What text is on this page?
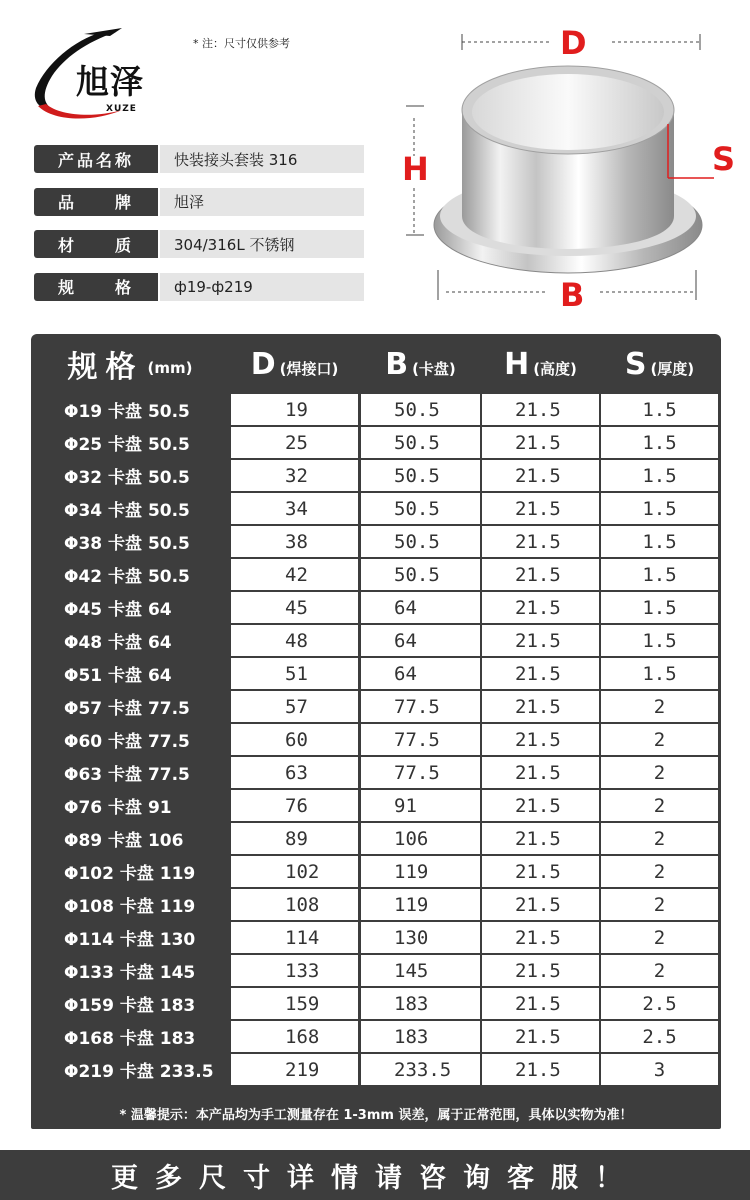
旭泽
XUZE
* 注：尺寸仅供参考
产品名称	快装接头套装 316
品　　牌	旭泽
材　　质	304/316L 不锈钢
规　　格	ф19-ф219
D
H	S
B
规格 (mm) D (焊接口) B (卡盘) H (高度) S (厚度)
Φ19 卡盘 50.5	19	50.5	21.5	1.5
Φ25 卡盘 50.5	25	50.5	21.5	1.5
Φ32 卡盘 50.5	32	50.5	21.5	1.5
Φ34 卡盘 50.5	34	50.5	21.5	1.5
Φ38 卡盘 50.5	38	50.5	21.5	1.5
Φ42 卡盘 50.5	42	50.5	21.5	1.5
Φ45 卡盘 64	45	64	21.5	1.5
Φ48 卡盘 64	48	64	21.5	1.5
Φ51 卡盘 64	51	64	21.5	1.5
Φ57 卡盘 77.5	57	77.5	21.5	2
Φ60 卡盘 77.5	60	77.5	21.5	2
Φ63 卡盘 77.5	63	77.5	21.5	2
Φ76 卡盘 91	76	91	21.5	2
Φ89 卡盘 106	89	106	21.5	2
Φ102 卡盘 119	102	119	21.5	2
Φ108 卡盘 119	108	119	21.5	2
Φ114 卡盘 130	114	130	21.5	2
Φ133 卡盘 145	133	145	21.5	2
Φ159 卡盘 183	159	183	21.5	2.5
Φ168 卡盘 183	168	183	21.5	2.5
Φ219 卡盘 233.5	219	233.5	21.5	3
* 温馨提示：本产品均为手工测量存在 1-3mm 误差，属于正常范围，具体以实物为准！
更多尺寸详情请咨询客服！
